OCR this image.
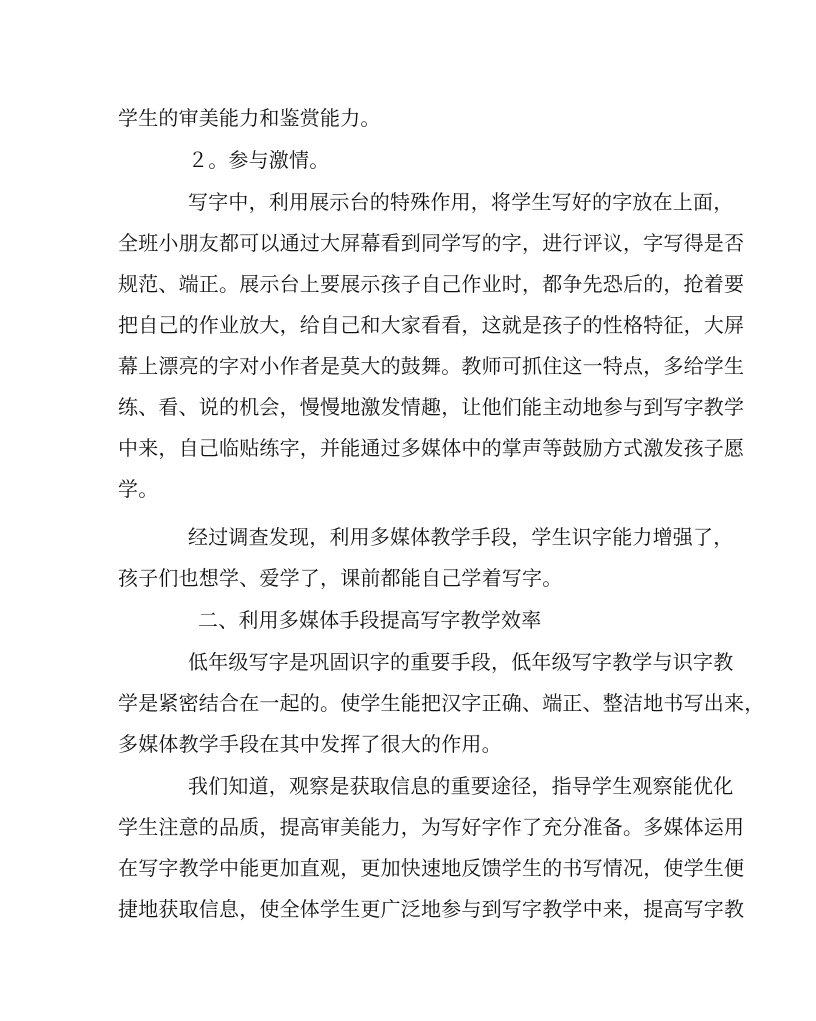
学生的审美能力和鉴赏能力。
２。参与激情。
写字中，利用展示台的特殊作用，将学生写好的字放在上面，
全班小朋友都可以通过大屏幕看到同学写的字，进行评议，字写得是否
规范、端正。展示台上要展示孩子自己作业时，都争先恐后的，抢着要
把自己的作业放大，给自己和大家看看，这就是孩子的性格特征，大屏
幕上漂亮的字对小作者是莫大的鼓舞。教师可抓住这一特点，多给学生
练、看、说的机会，慢慢地激发情趣，让他们能主动地参与到写字教学
中来，自己临贴练字，并能通过多媒体中的掌声等鼓励方式激发孩子愿
学。
经过调查发现，利用多媒体教学手段，学生识字能力增强了，
孩子们也想学、爱学了，课前都能自己学着写字。
二、利用多媒体手段提高写字教学效率
低年级写字是巩固识字的重要手段，低年级写字教学与识字教
学是紧密结合在一起的。使学生能把汉字正确、端正、整洁地书写出来，
多媒体教学手段在其中发挥了很大的作用。
我们知道，观察是获取信息的重要途径，指导学生观察能优化
学生注意的品质，提高审美能力，为写好字作了充分准备。多媒体运用
在写字教学中能更加直观，更加快速地反馈学生的书写情况，使学生便
捷地获取信息，使全体学生更广泛地参与到写字教学中来，提高写字教
